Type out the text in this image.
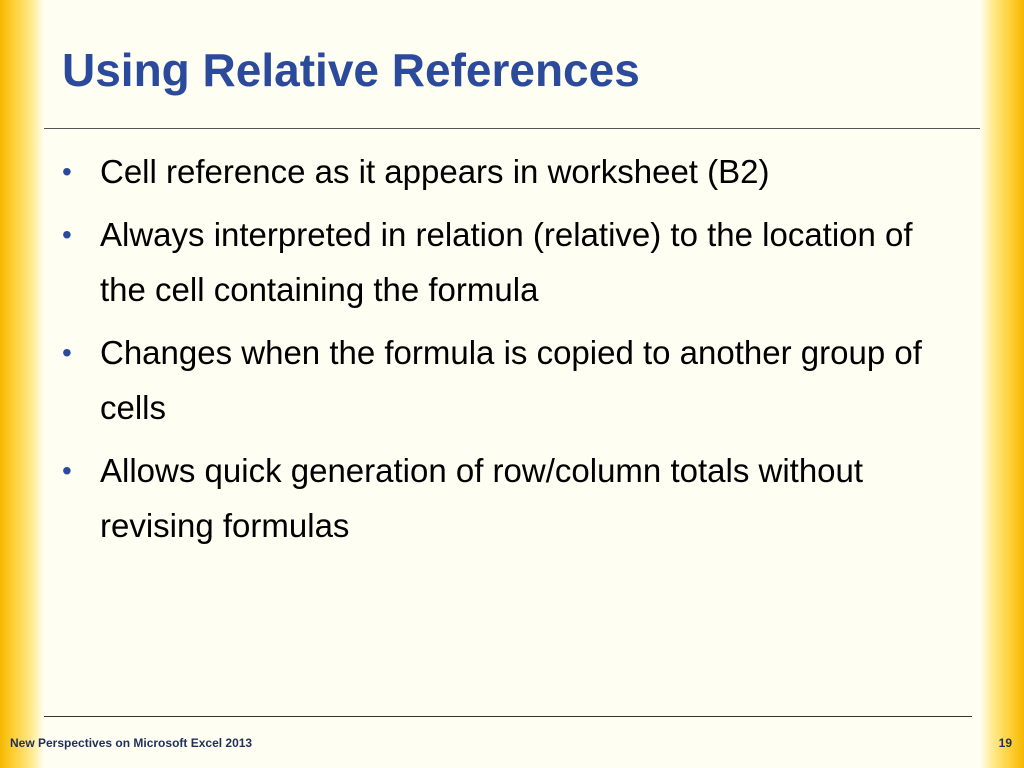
Using Relative References
• Cell reference as it appears in worksheet (B2)
• Always interpreted in relation (relative) to the location of the cell containing the formula
• Changes when the formula is copied to another group of cells
• Allows quick generation of row/column totals without revising formulas
New Perspectives on Microsoft Excel 2013	19
